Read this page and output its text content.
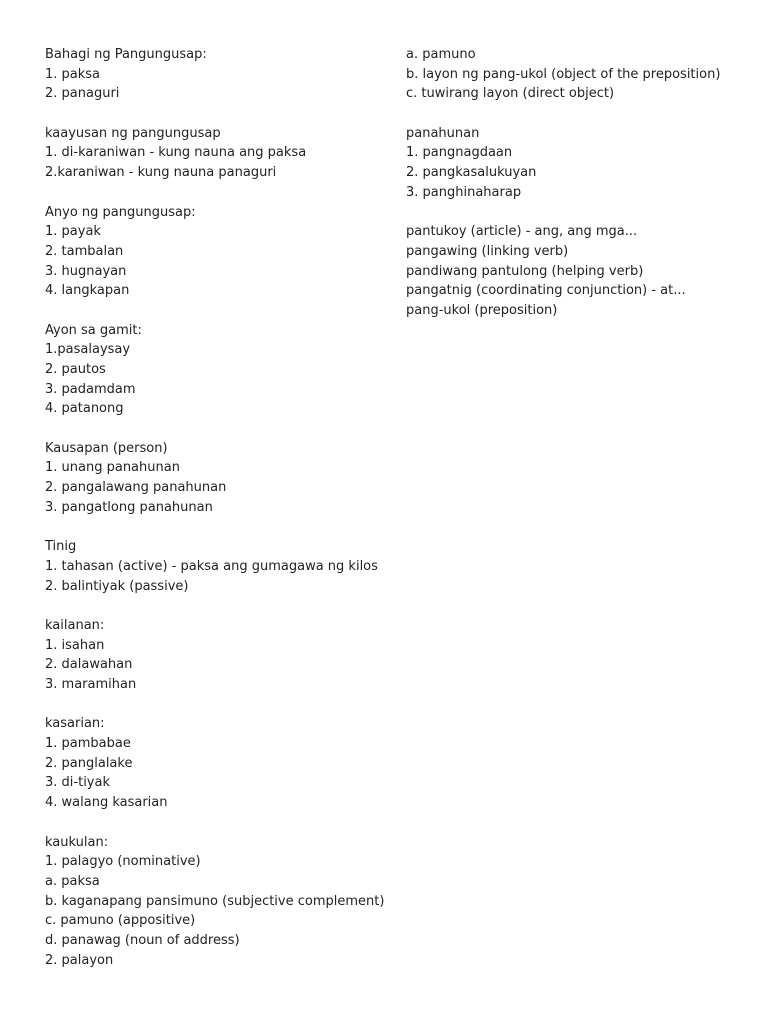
Bahagi ng Pangungusap:
1. paksa
2. panaguri
kaayusan ng pangungusap
1. di-karaniwan - kung nauna ang paksa
2.karaniwan - kung nauna panaguri
Anyo ng pangungusap:
1. payak
2. tambalan
3. hugnayan
4. langkapan
Ayon sa gamit:
1.pasalaysay
2. pautos
3. padamdam
4. patanong
Kausapan (person)
1. unang panahunan
2. pangalawang panahunan
3. pangatlong panahunan
Tinig
1. tahasan (active) - paksa ang gumagawa ng kilos
2. balintiyak (passive)
kailanan:
1. isahan
2. dalawahan
3. maramihan
kasarian:
1. pambabae
2. panglalake
3. di-tiyak
4. walang kasarian
kaukulan:
1. palagyo (nominative)
a. paksa
b. kaganapang pansimuno (subjective complement)
c. pamuno (appositive)
d. panawag (noun of address)
2. palayon
a. pamuno
b. layon ng pang-ukol (object of the preposition)
c. tuwirang layon (direct object)
panahunan
1. pangnagdaan
2. pangkasalukuyan
3. panghinaharap
pantukoy (article) - ang, ang mga...
pangawing (linking verb)
pandiwang pantulong (helping verb)
pangatnig (coordinating conjunction) - at...
pang-ukol (preposition)
